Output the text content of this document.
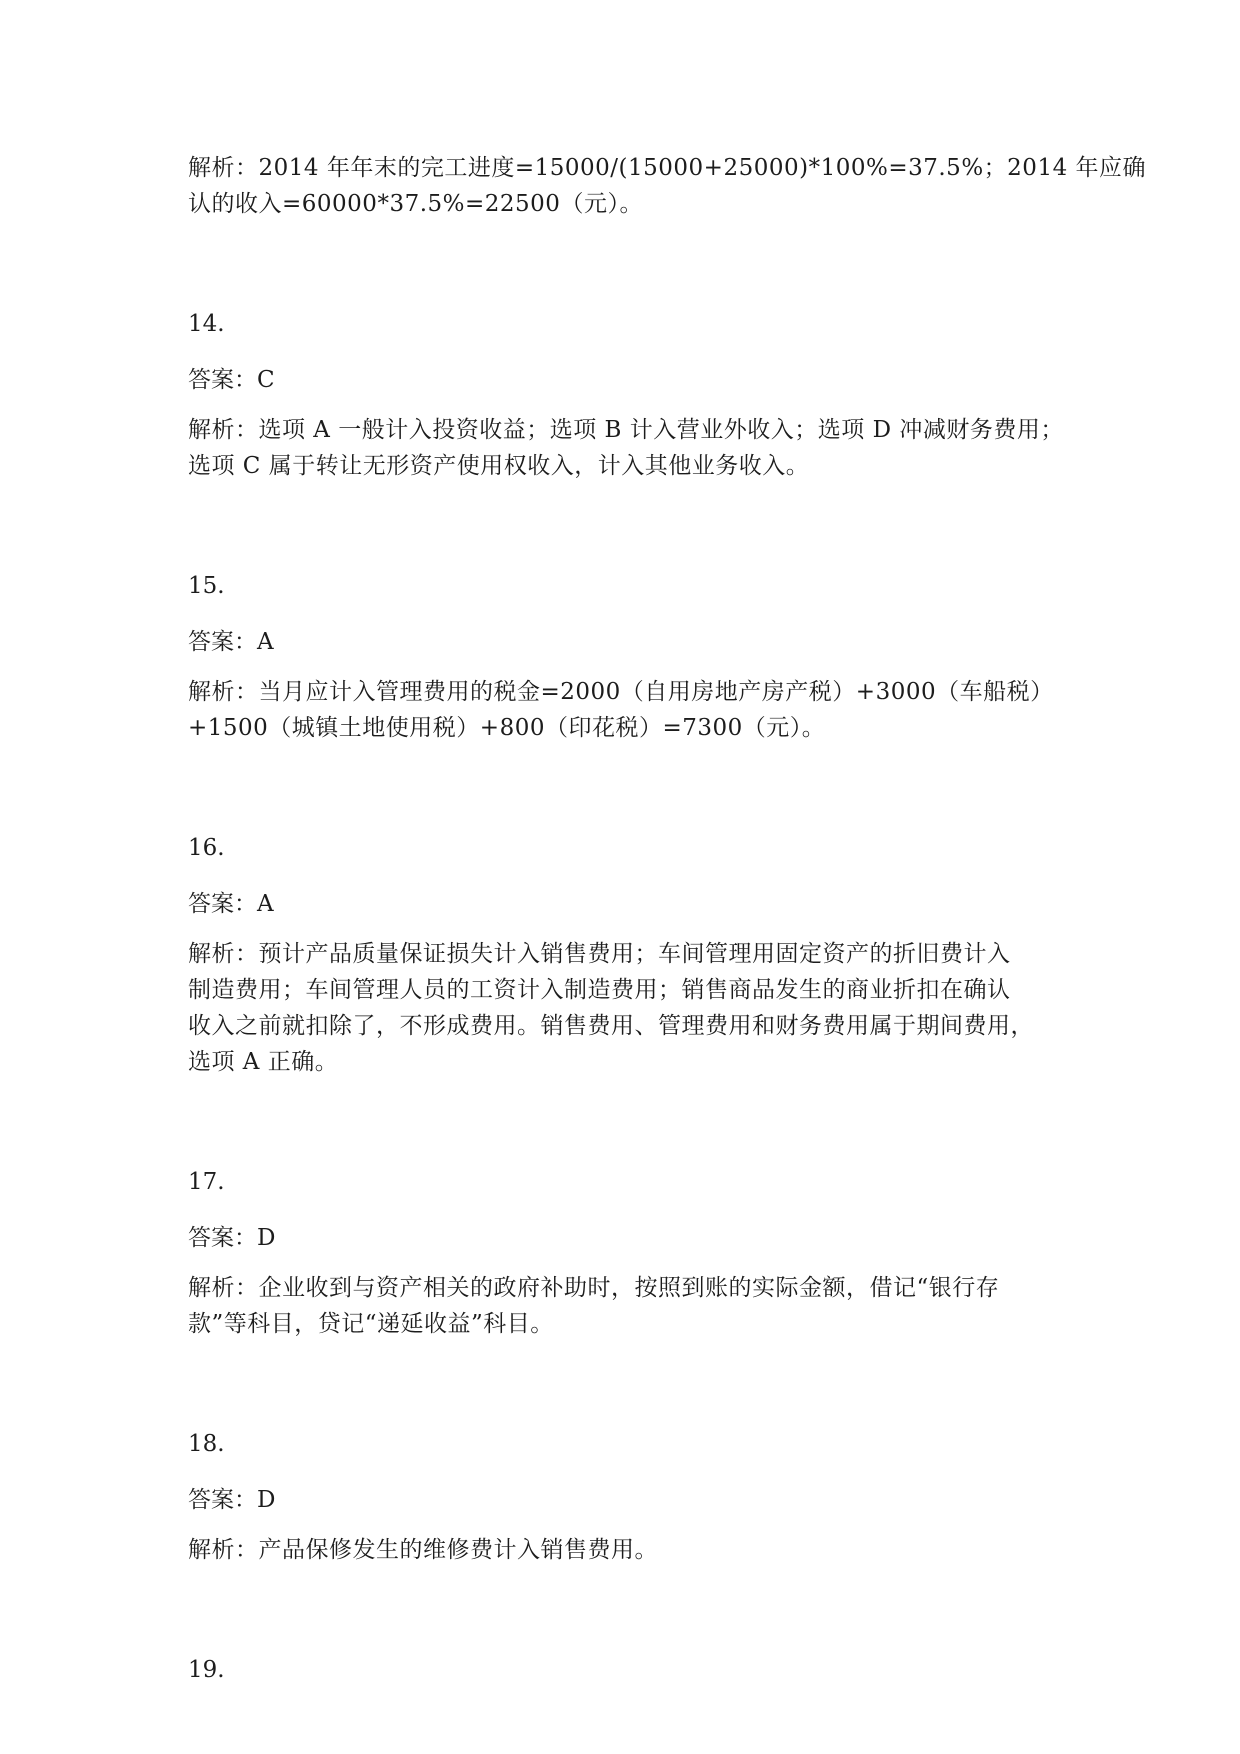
解析：2014 年年末的完工进度=15000/(15000+25000)*100%=37.5%；2014 年应确
认的收入=60000*37.5%=22500（元）。
14.
答案：C
解析：选项 A 一般计入投资收益；选项 B 计入营业外收入；选项 D 冲减财务费用；
选项 C 属于转让无形资产使用权收入，计入其他业务收入。
15.
答案：A
解析：当月应计入管理费用的税金=2000（自用房地产房产税）+3000（车船税）
+1500（城镇土地使用税）+800（印花税）=7300（元）。
16.
答案：A
解析：预计产品质量保证损失计入销售费用；车间管理用固定资产的折旧费计入
制造费用；车间管理人员的工资计入制造费用；销售商品发生的商业折扣在确认
收入之前就扣除了，不形成费用。销售费用、管理费用和财务费用属于期间费用，
选项 A 正确。
17.
答案：D
解析：企业收到与资产相关的政府补助时，按照到账的实际金额，借记“银行存
款”等科目，贷记“递延收益”科目。
18.
答案：D
解析：产品保修发生的维修费计入销售费用。
19.
